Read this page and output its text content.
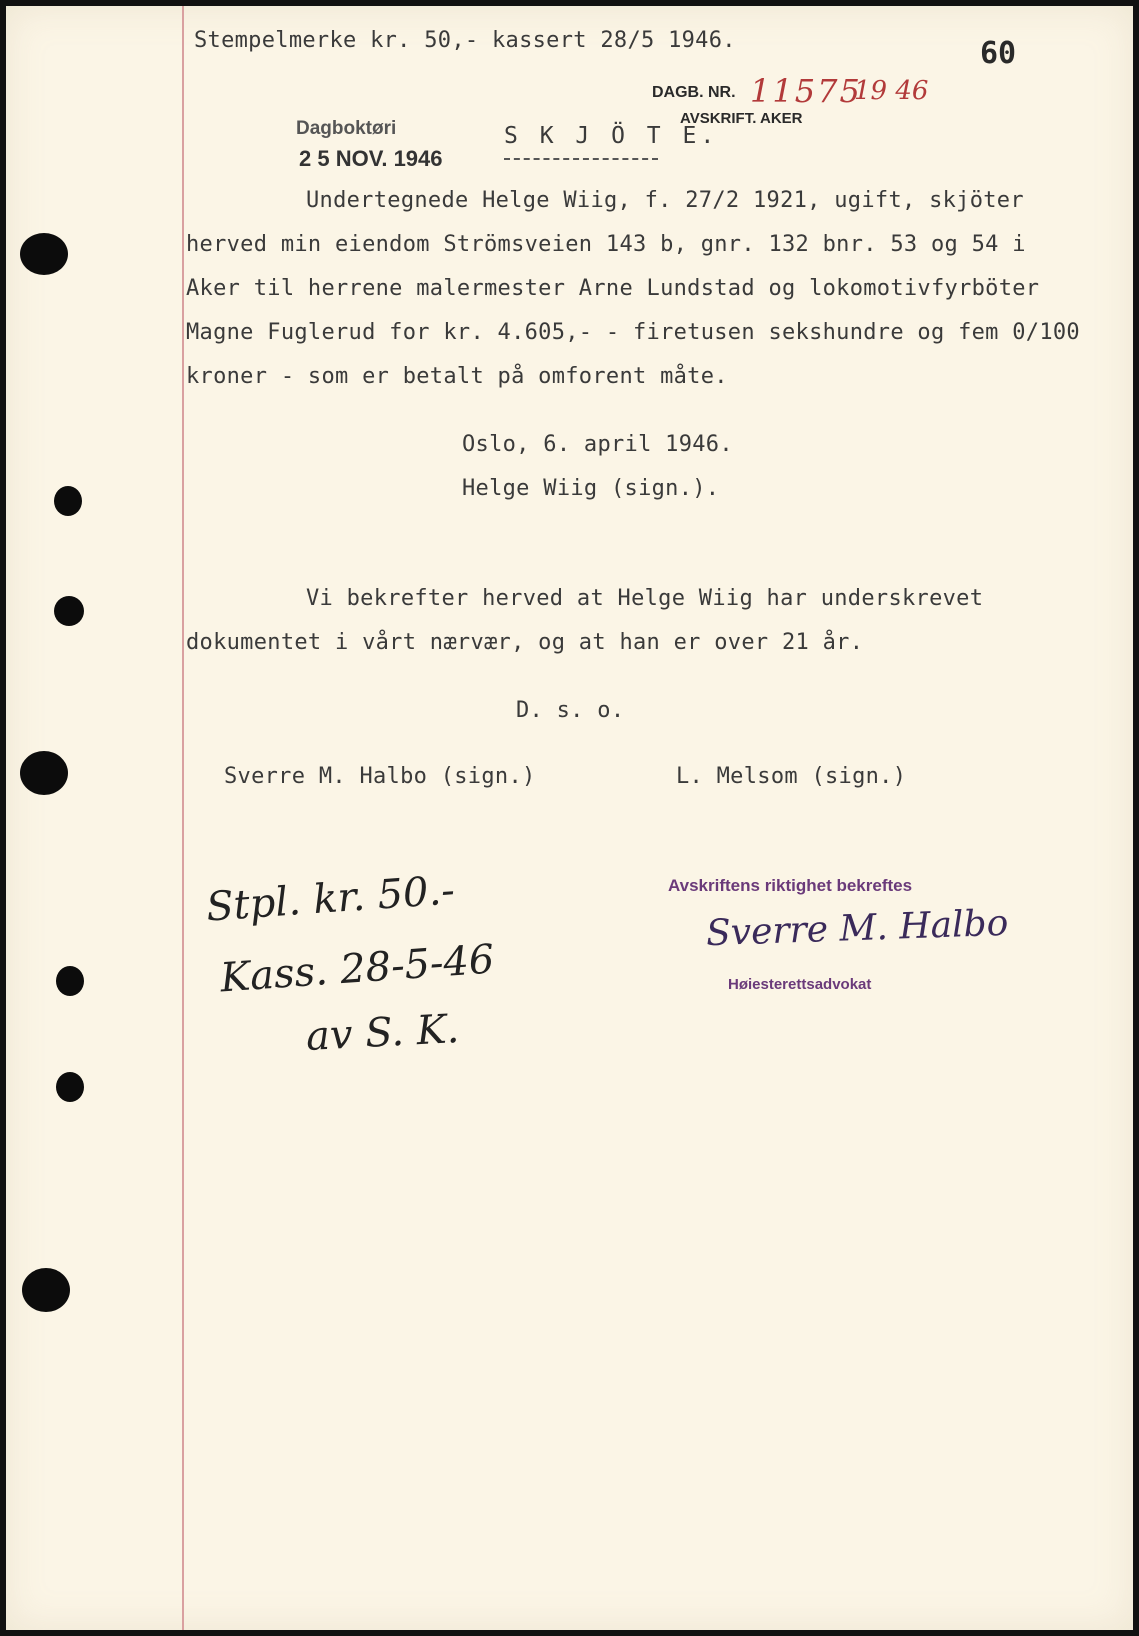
Stempelmerke kr. 50,- kassert 28/5 1946.	60
DAGB. NR. 11575
19 46
AVSKRIFT. AKER
Dagboktøri
2 5 NOV. 1946
S K J Ö T E.
Undertegnede Helge Wiig, f. 27/2 1921, ugift, skjöter
herved min eiendom Strömsveien 143 b, gnr. 132 bnr. 53 og 54 i
Aker til herrene malermester Arne Lundstad og lokomotivfyrböter
Magne Fuglerud for kr. 4.605,- - firetusen sekshundre og fem 0/100
kroner - som er betalt på omforent måte.
Oslo, 6. april 1946.
Helge Wiig (sign.).
Vi bekrefter herved at Helge Wiig har underskrevet
dokumentet i vårt nærvær, og at han er over 21 år.
D. s. o.
Sverre M. Halbo (sign.)	L. Melsom (sign.)
Stpl. kr. 50.-
Kass. 28-5-46
av S. K.
Avskriftens riktighet bekreftes
Sverre M. Halbo
Høiesterettsadvokat
